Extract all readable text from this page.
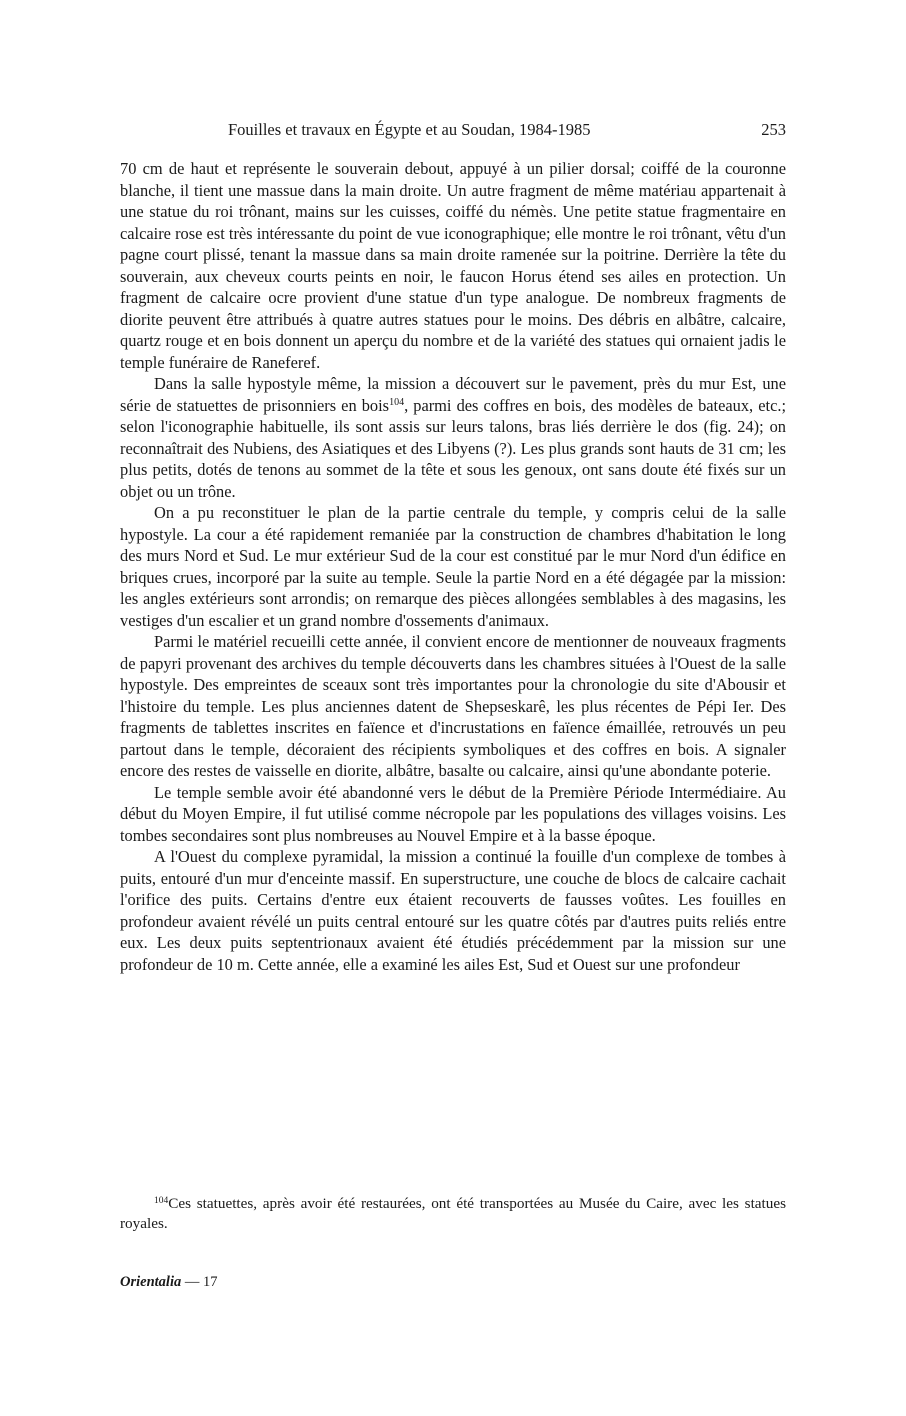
Fouilles et travaux en Égypte et au Soudan, 1984-1985	253

70 cm de haut et représente le souverain debout, appuyé à un pilier dorsal; coiffé de la couronne blanche, il tient une massue dans la main droite. Un autre fragment de même matériau appartenait à une statue du roi trônant, mains sur les cuisses, coiffé du némès. Une petite statue fragmentaire en calcaire rose est très intéressante du point de vue iconographique; elle montre le roi trônant, vêtu d'un pagne court plissé, tenant la massue dans sa main droite ramenée sur la poitrine. Derrière la tête du souverain, aux cheveux courts peints en noir, le faucon Horus étend ses ailes en protection. Un fragment de calcaire ocre provient d'une statue d'un type analogue. De nombreux fragments de diorite peuvent être attribués à quatre autres statues pour le moins. Des débris en albâtre, calcaire, quartz rouge et en bois donnent un aperçu du nombre et de la variété des statues qui ornaient jadis le temple funéraire de Raneferef.

Dans la salle hypostyle même, la mission a découvert sur le pavement, près du mur Est, une série de statuettes de prisonniers en bois$^{104}$, parmi des coffres en bois, des modèles de bateaux, etc.; selon l'iconographie habituelle, ils sont assis sur leurs talons, bras liés derrière le dos (fig. 24); on reconnaîtrait des Nubiens, des Asiatiques et des Libyens (?). Les plus grands sont hauts de 31 cm; les plus petits, dotés de tenons au sommet de la tête et sous les genoux, ont sans doute été fixés sur un objet ou un trône.

On a pu reconstituer le plan de la partie centrale du temple, y compris celui de la salle hypostyle. La cour a été rapidement remaniée par la construction de chambres d'habitation le long des murs Nord et Sud. Le mur extérieur Sud de la cour est constitué par le mur Nord d'un édifice en briques crues, incorporé par la suite au temple. Seule la partie Nord en a été dégagée par la mission: les angles extérieurs sont arrondis; on remarque des pièces allongées semblables à des magasins, les vestiges d'un escalier et un grand nombre d'ossements d'animaux.

Parmi le matériel recueilli cette année, il convient encore de mentionner de nouveaux fragments de papyri provenant des archives du temple découverts dans les chambres situées à l'Ouest de la salle hypostyle. Des empreintes de sceaux sont très importantes pour la chronologie du site d'Abousir et l'histoire du temple. Les plus anciennes datent de Shepseskarê, les plus récentes de Pépi Ier. Des fragments de tablettes inscrites en faïence et d'incrustations en faïence émaillée, retrouvés un peu partout dans le temple, décoraient des récipients symboliques et des coffres en bois. A signaler encore des restes de vaisselle en diorite, albâtre, basalte ou calcaire, ainsi qu'une abondante poterie.

Le temple semble avoir été abandonné vers le début de la Première Période Intermédiaire. Au début du Moyen Empire, il fut utilisé comme nécropole par les populations des villages voisins. Les tombes secondaires sont plus nombreuses au Nouvel Empire et à la basse époque.

A l'Ouest du complexe pyramidal, la mission a continué la fouille d'un complexe de tombes à puits, entouré d'un mur d'enceinte massif. En superstructure, une couche de blocs de calcaire cachait l'orifice des puits. Certains d'entre eux étaient recouverts de fausses voûtes. Les fouilles en profondeur avaient révélé un puits central entouré sur les quatre côtés par d'autres puits reliés entre eux. Les deux puits septentrionaux avaient été étudiés précédemment par la mission sur une profondeur de 10 m. Cette année, elle a examiné les ailes Est, Sud et Ouest sur une profondeur

$^{104}$Ces statuettes, après avoir été restaurées, ont été transportées au Musée du Caire, avec les statues royales.

Orientalia — 17
